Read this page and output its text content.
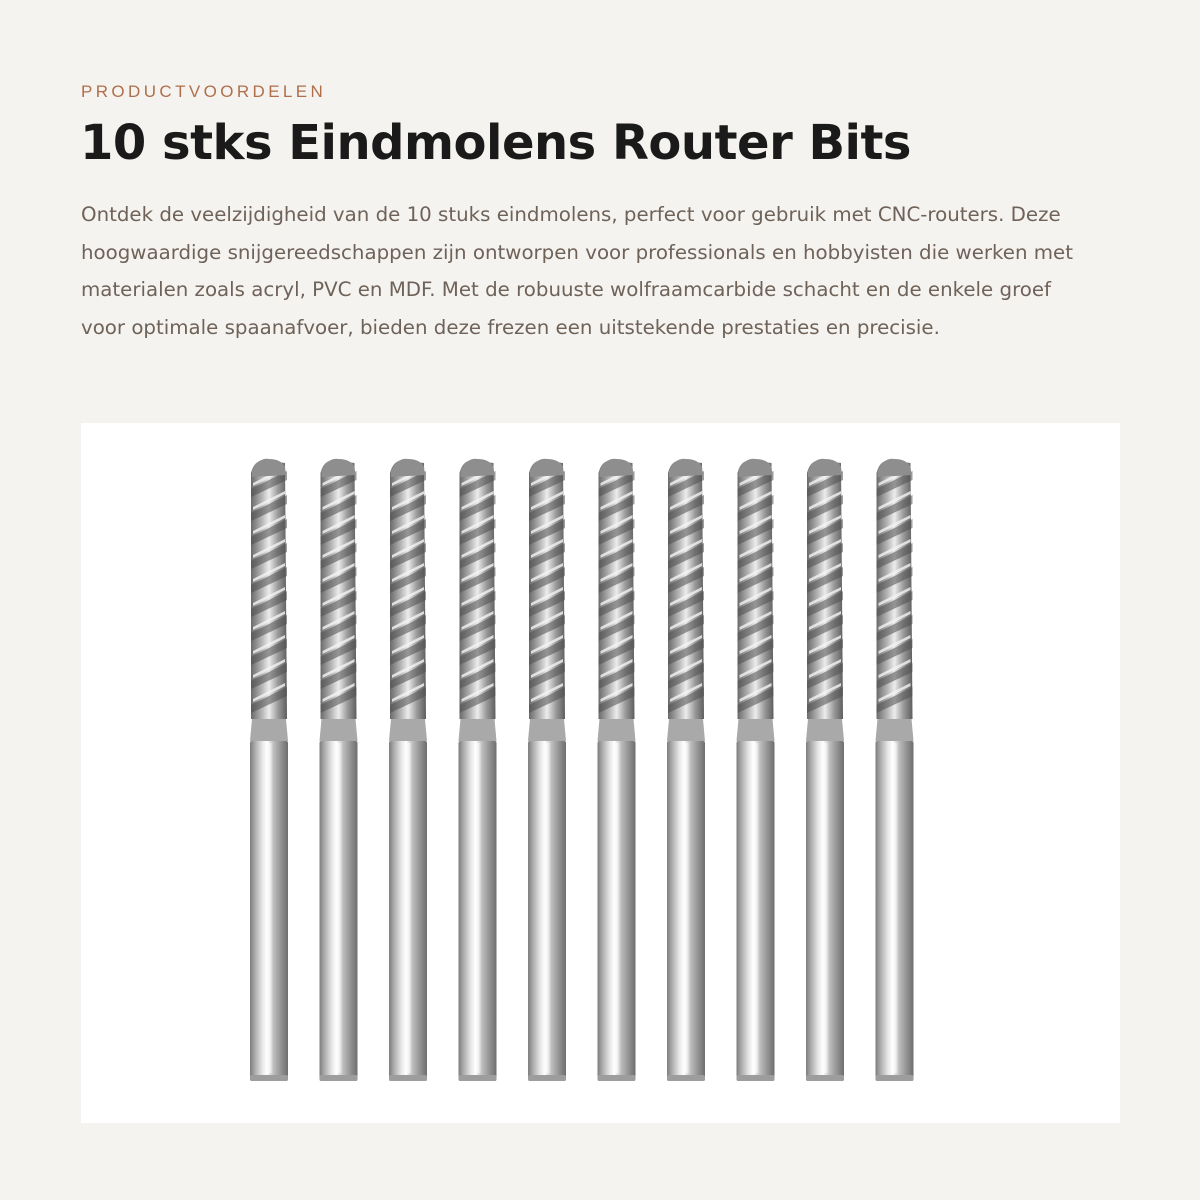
PRODUCTVOORDELEN

10 stks Eindmolens Router Bits

Ontdek de veelzijdigheid van de 10 stuks eindmolens, perfect voor gebruik met CNC-routers. Deze hoogwaardige snijgereedschappen zijn ontworpen voor professionals en hobbyisten die werken met materialen zoals acryl, PVC en MDF. Met de robuuste wolfraamcarbide schacht en de enkele groef voor optimale spaanafvoer, bieden deze frezen een uitstekende prestaties en precisie.
